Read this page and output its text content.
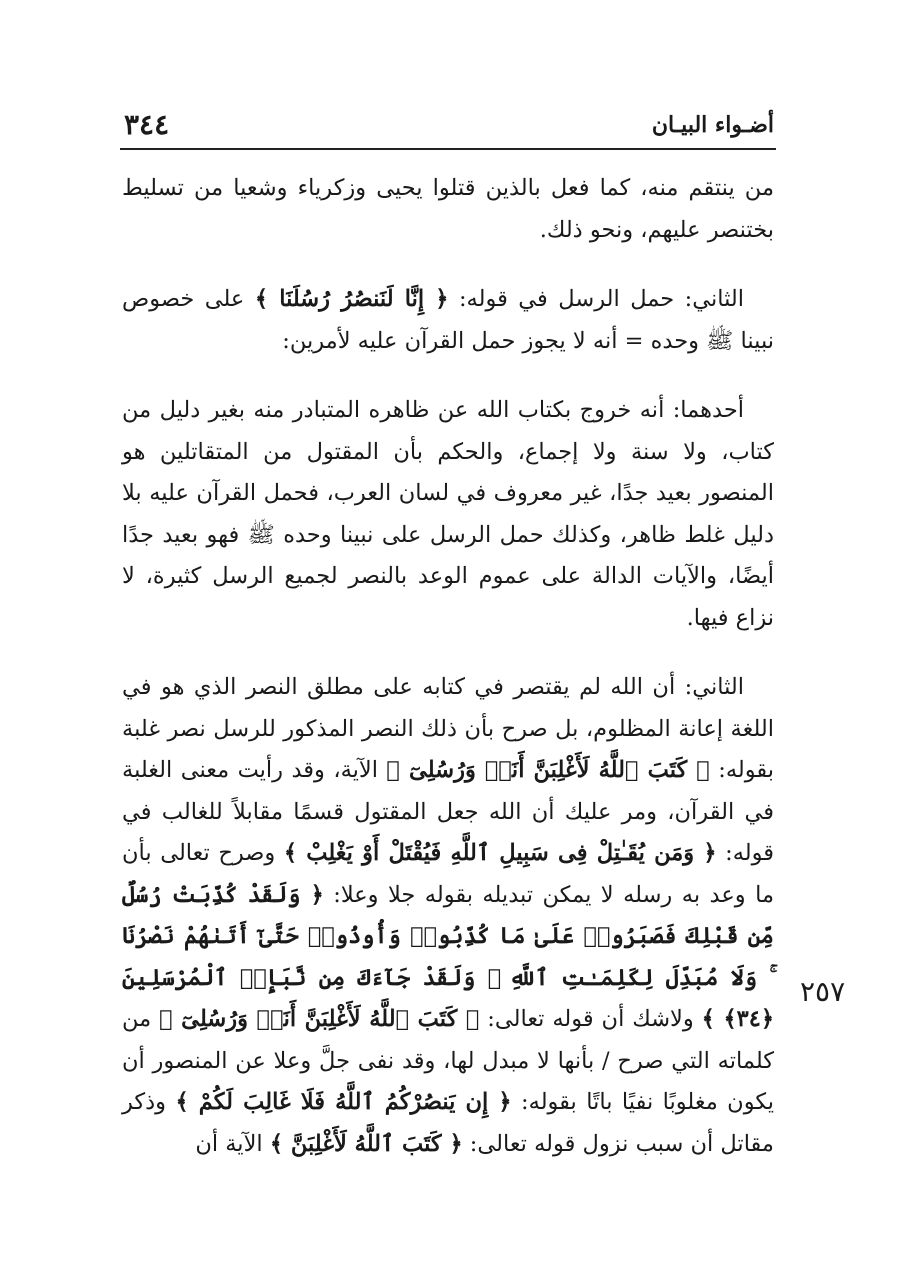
أضـواء البيـان
٣٤٤

من ينتقم منه، كما فعل بالذين قتلوا يحيى وزكرياء وشعيا من تسليط بختنصر عليهم، ونحو ذلك.

الثاني: حمل الرسل في قوله: ﴿ إِنَّا لَنَنصُرُ رُسُلَنَا ﴾ على خصوص نبينا ﷺ وحده = أنه لا يجوز حمل القرآن عليه لأمرين:

أحدهما: أنه خروج بكتاب الله عن ظاهره المتبادر منه بغير دليل من كتاب، ولا سنة ولا إجماع، والحكم بأن المقتول من المتقاتلين هو المنصور بعيد جدًا، غير معروف في لسان العرب، فحمل القرآن عليه بلا دليل غلط ظاهر، وكذلك حمل الرسل على نبينا وحده ﷺ فهو بعيد جدًا أيضًا، والآيات الدالة على عموم الوعد بالنصر لجميع الرسل كثيرة، لا نزاع فيها.

الثاني: أن الله لم يقتصر في كتابه على مطلق النصر الذي هو في اللغة إعانة المظلوم، بل صرح بأن ذلك النصر المذكور للرسل نصر غلبة بقوله: ﴿ كَتَبَ ٱللَّهُ لَأَغْلِبَنَّ أَنَا۠ وَرُسُلِىٓ ﴾ الآية، وقد رأيت معنى الغلبة في القرآن، ومر عليك أن الله جعل المقتول قسمًا مقابلاً للغالب في قوله: ﴿ وَمَن يُقَـٰتِلْ فِى سَبِيلِ ٱللَّهِ فَيُقْتَلْ أَوْ يَغْلِبْ ﴾ وصرح تعالى بأن ما وعد به رسله لا يمكن تبديله بقوله جلا وعلا: ﴿ وَلَقَدْ كُذِّبَتْ رُسُلٌ مِّن قَبْلِكَ فَصَبَرُوا۟ عَلَىٰ مَا كُذِّبُوا۟ وَأُوذُوا۟ حَتَّىٰٓ أَتَىٰهُمْ نَصْرُنَا ۚ وَلَا مُبَدِّلَ لِكَلِمَـٰتِ ٱللَّهِ ۚ وَلَقَدْ جَآءَكَ مِن نَّبَإِى۟ ٱلْمُرْسَلِينَ ﴿٣٤﴾ ﴾ ولاشك أن قوله تعالى: ﴿ كَتَبَ ٱللَّهُ لَأَغْلِبَنَّ أَنَا۠ وَرُسُلِىٓ ﴾ من كلماته التي صرح / بأنها لا مبدل لها، وقد نفى جلَّ وعلا عن المنصور أن يكون مغلوبًا نفيًا باتًا بقوله: ﴿ إِن يَنصُرْكُمُ ٱللَّهُ فَلَا غَالِبَ لَكُمْ ﴾ وذكر مقاتل أن سبب نزول قوله تعالى: ﴿ كَتَبَ ٱللَّهُ لَأَغْلِبَنَّ ﴾ الآية أن

٢٥٧
